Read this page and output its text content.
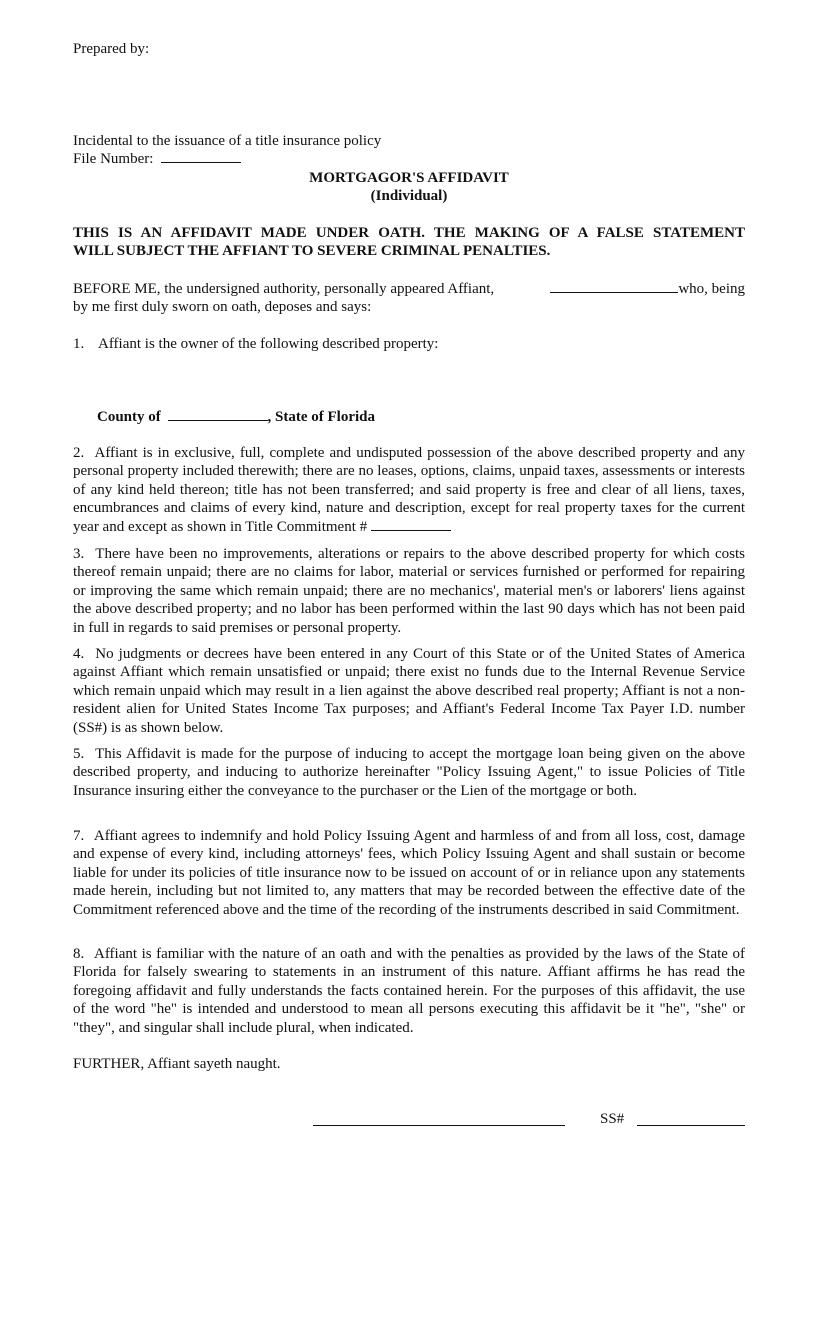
Prepared by:
Incidental to the issuance of a title insurance policy
File Number:
MORTGAGOR'S AFFIDAVIT
(Individual)
THIS IS AN AFFIDAVIT MADE UNDER OATH. THE MAKING OF A FALSE STATEMENT
WILL SUBJECT THE AFFIANT TO SEVERE CRIMINAL PENALTIES.
BEFORE ME, the undersigned authority, personally appeared Affiant,	who, being
by me first duly sworn on oath, deposes and says:
1. Affiant is the owner of the following described property:
County of	, State of Florida
2. Affiant is in exclusive, full, complete and undisputed possession of the above described property and any personal property included therewith; there are no leases, options, claims, unpaid taxes, assessments or interests of any kind held thereon; title has not been transferred; and said property is free and clear of all liens, taxes, encumbrances and claims of every kind, nature and description, except for real property taxes for the current year and except as shown in Title Commitment #
3. There have been no improvements, alterations or repairs to the above described property for which costs thereof remain unpaid; there are no claims for labor, material or services furnished or performed for repairing or improving the same which remain unpaid; there are no mechanics', material men's or laborers' liens against the above described property; and no labor has been performed within the last 90 days which has not been paid in full in regards to said premises or personal property.
4. No judgments or decrees have been entered in any Court of this State or of the United States of America against Affiant which remain unsatisfied or unpaid; there exist no funds due to the Internal Revenue Service which remain unpaid which may result in a lien against the above described real property; Affiant is not a non-resident alien for United States Income Tax purposes; and Affiant's Federal Income Tax Payer I.D. number (SS#) is as shown below.
5. This Affidavit is made for the purpose of inducing to accept the mortgage loan being given on the above described property, and inducing to authorize hereinafter "Policy Issuing Agent," to issue Policies of Title Insurance insuring either the conveyance to the purchaser or the Lien of the mortgage or both.
7. Affiant agrees to indemnify and hold Policy Issuing Agent and harmless of and from all loss, cost, damage and expense of every kind, including attorneys' fees, which Policy Issuing Agent and shall sustain or become liable for under its policies of title insurance now to be issued on account of or in reliance upon any statements made herein, including but not limited to, any matters that may be recorded between the effective date of the Commitment referenced above and the time of the recording of the instruments described in said Commitment.
8. Affiant is familiar with the nature of an oath and with the penalties as provided by the laws of the State of Florida for falsely swearing to statements in an instrument of this nature. Affiant affirms he has read the foregoing affidavit and fully understands the facts contained herein. For the purposes of this affidavit, the use of the word "he" is intended and understood to mean all persons executing this affidavit be it "he", "she" or "they", and singular shall include plural, when indicated.
FURTHER, Affiant sayeth naught.
SS#
